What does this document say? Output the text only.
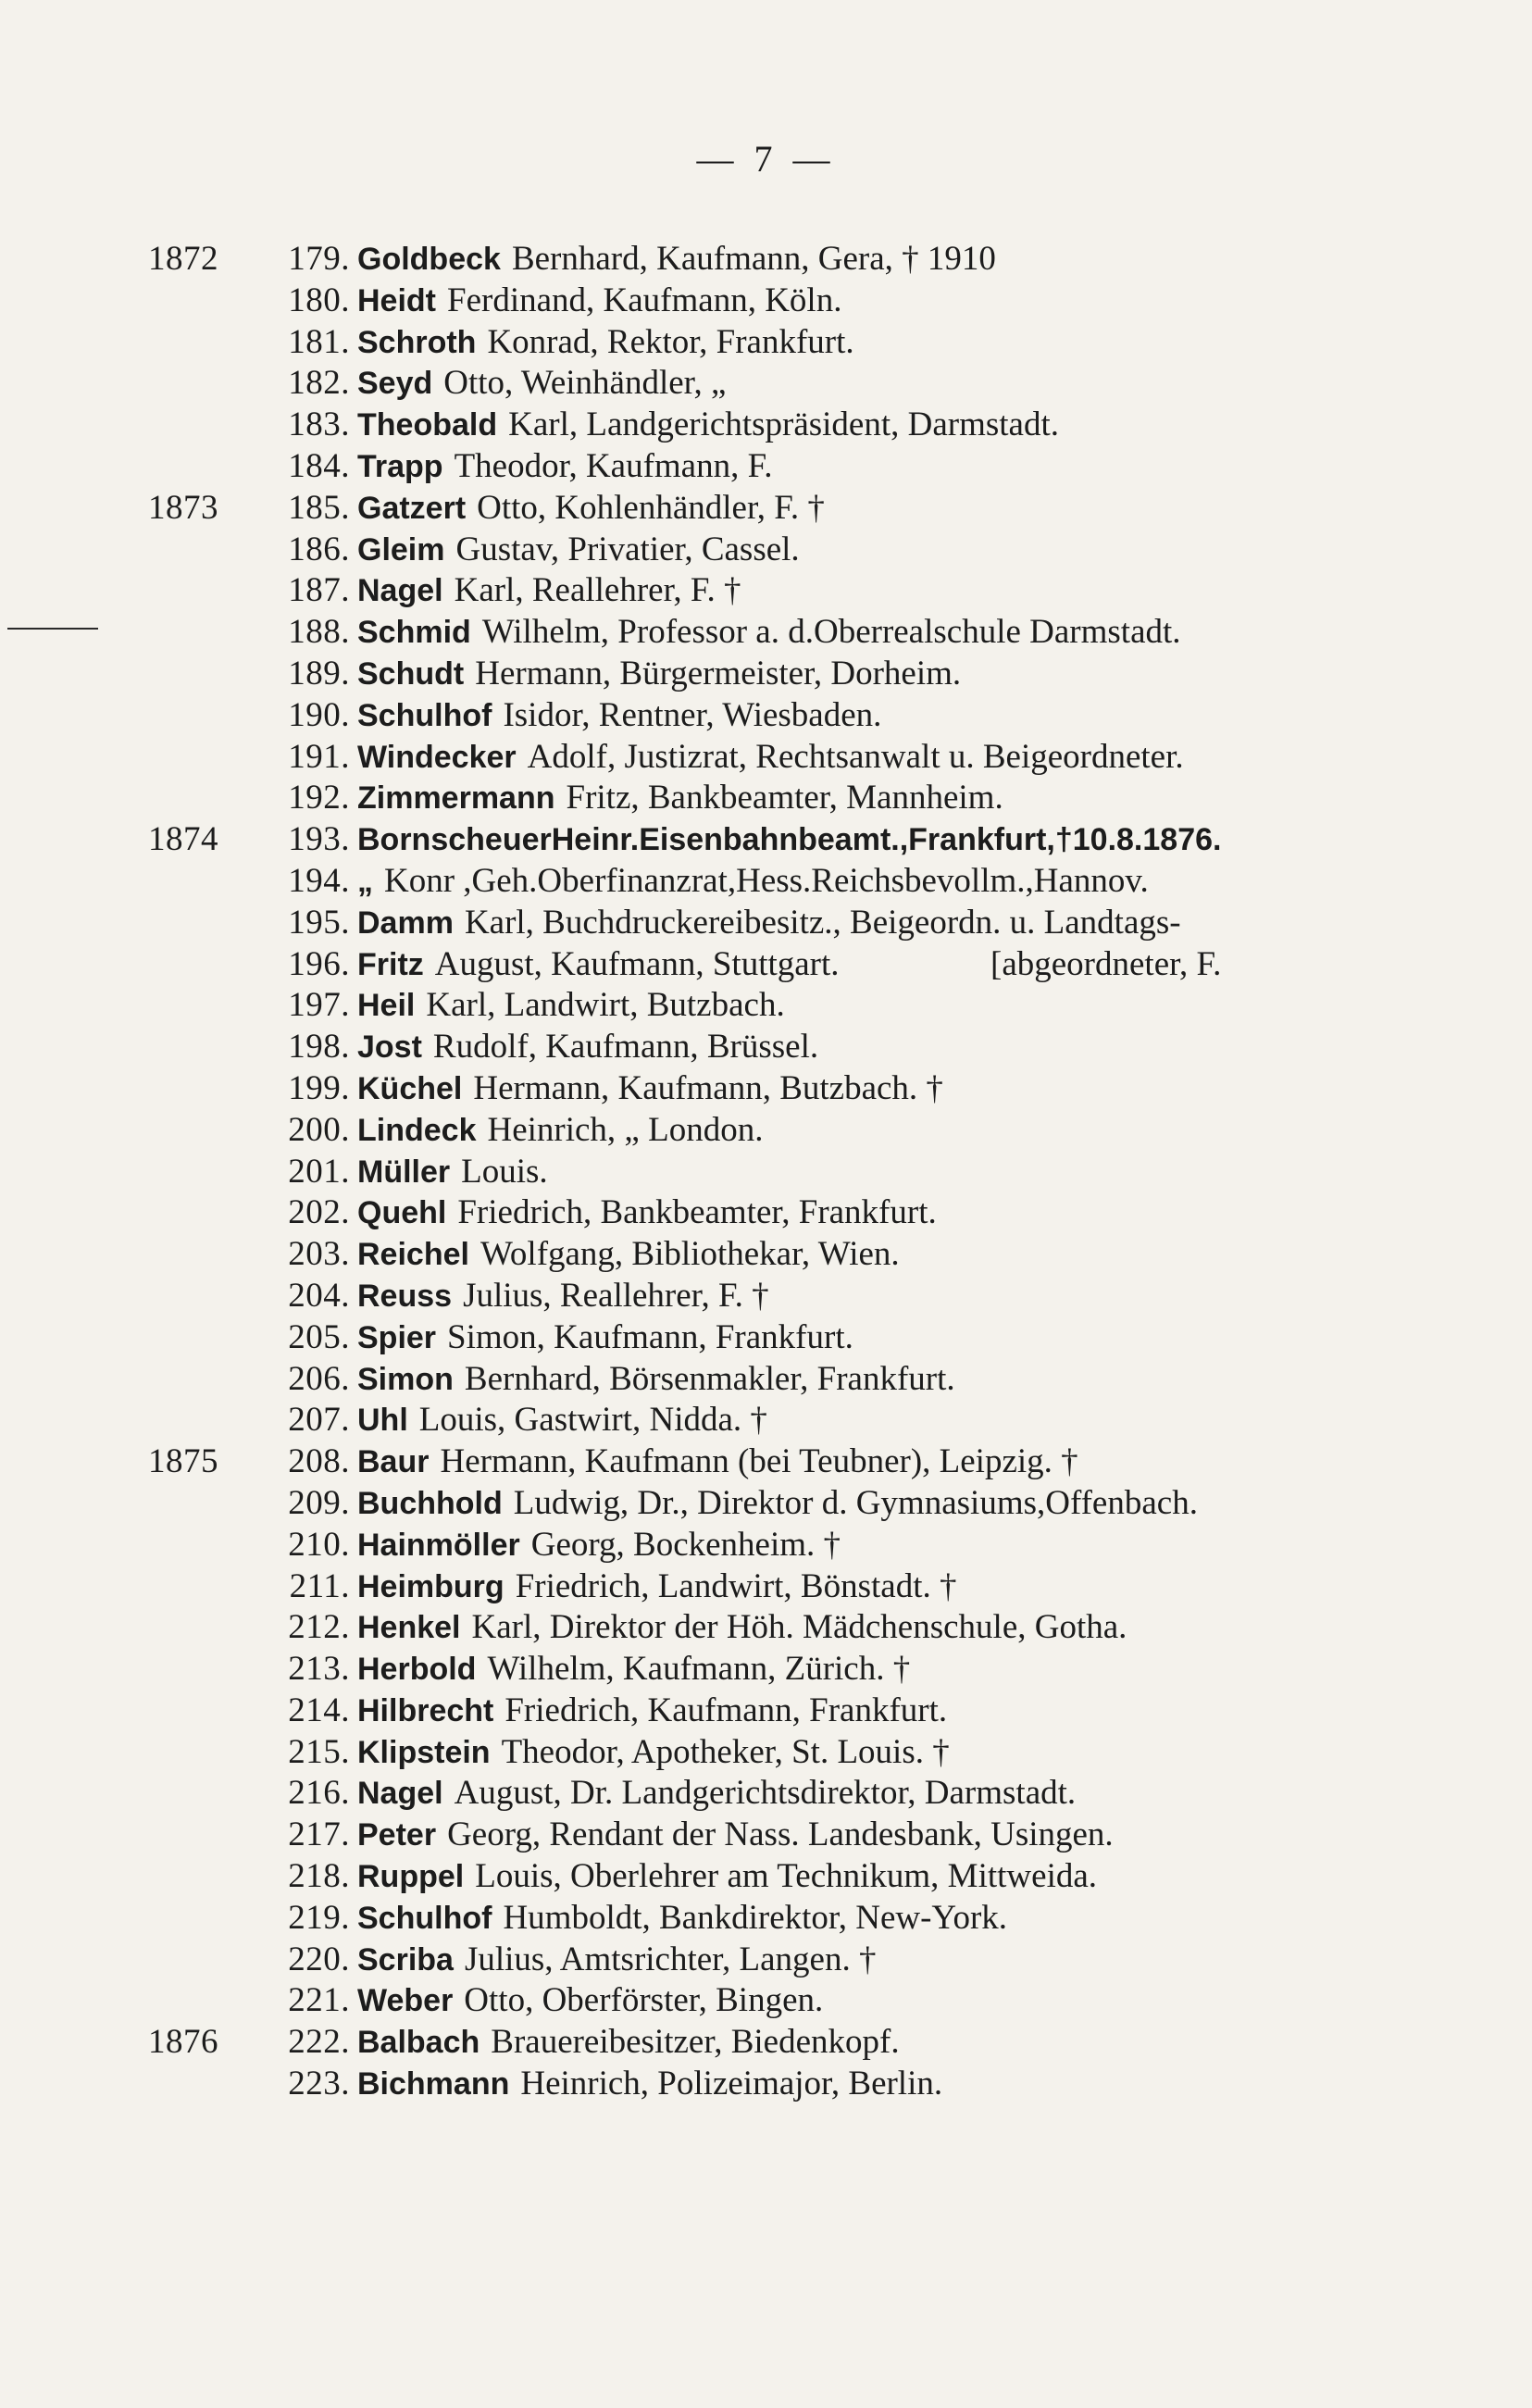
— 7 —
1872	179. Goldbeck Bernhard, Kaufmann, Gera, † 1910
180. Heidt Ferdinand, Kaufmann, Köln.
181. Schroth Konrad, Rektor, Frankfurt.
182. Seyd Otto, Weinhändler, „
183. Theobald Karl, Landgerichtspräsident, Darmstadt.
184. Trapp Theodor, Kaufmann, F.
1873	185. Gatzert Otto, Kohlenhändler, F. †
186. Gleim Gustav, Privatier, Cassel.
187. Nagel Karl, Reallehrer, F. †
188. Schmid Wilhelm, Professor a. d.Oberrealschule Darmstadt.
189. Schudt Hermann, Bürgermeister, Dorheim.
190. Schulhof Isidor, Rentner, Wiesbaden.
191. Windecker Adolf, Justizrat, Rechtsanwalt u. Beigeordneter.
192. Zimmermann Fritz, Bankbeamter, Mannheim.
1874	193. BornscheuerHeinr.Eisenbahnbeamt.,Frankfurt,†10.8.1876.
194. „ Konr ,Geh.Oberfinanzrat,Hess.Reichsbevollm.,Hannov.
195. Damm Karl, Buchdruckereibesitz., Beigeordn. u. Landtags-
196. Fritz August, Kaufmann, Stuttgart.	[abgeordneter, F.
197. Heil Karl, Landwirt, Butzbach.
198. Jost Rudolf, Kaufmann, Brüssel.
199. Küchel Hermann, Kaufmann, Butzbach. †
200. Lindeck Heinrich, „ London.
201. Müller Louis.
202. Quehl Friedrich, Bankbeamter, Frankfurt.
203. Reichel Wolfgang, Bibliothekar, Wien.
204. Reuss Julius, Reallehrer, F. †
205. Spier Simon, Kaufmann, Frankfurt.
206. Simon Bernhard, Börsenmakler, Frankfurt.
207. Uhl Louis, Gastwirt, Nidda. †
1875	208. Baur Hermann, Kaufmann (bei Teubner), Leipzig. †
209. Buchhold Ludwig, Dr., Direktor d. Gymnasiums,Offenbach.
210. Hainmöller Georg, Bockenheim. †
211. Heimburg Friedrich, Landwirt, Bönstadt. †
212. Henkel Karl, Direktor der Höh. Mädchenschule, Gotha.
213. Herbold Wilhelm, Kaufmann, Zürich. †
214. Hilbrecht Friedrich, Kaufmann, Frankfurt.
215. Klipstein Theodor, Apotheker, St. Louis. †
216. Nagel August, Dr. Landgerichtsdirektor, Darmstadt.
217. Peter Georg, Rendant der Nass. Landesbank, Usingen.
218. Ruppel Louis, Oberlehrer am Technikum, Mittweida.
219. Schulhof Humboldt, Bankdirektor, New-York.
220. Scriba Julius, Amtsrichter, Langen. †
221. Weber Otto, Oberförster, Bingen.
1876	222. Balbach Brauereibesitzer, Biedenkopf.
223. Bichmann Heinrich, Polizeimajor, Berlin.
